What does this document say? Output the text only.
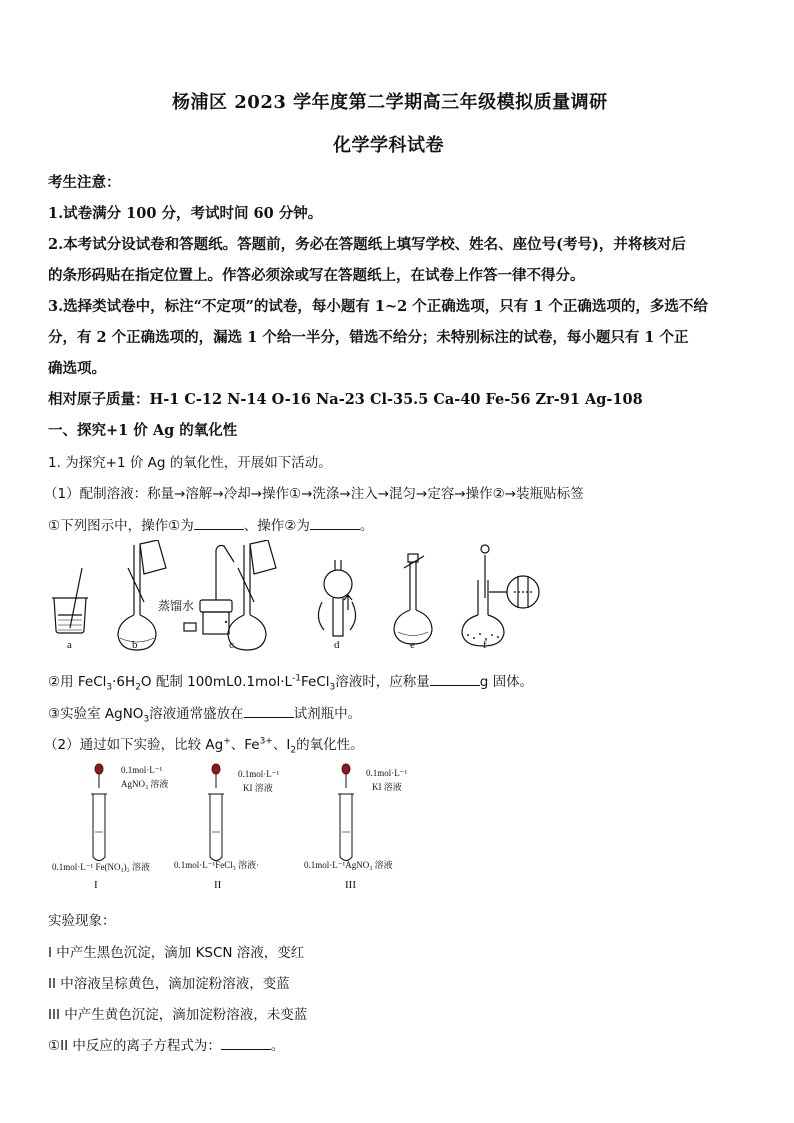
杨浦区 2023 学年度第二学期高三年级模拟质量调研
化学学科试卷
考生注意：
1.试卷满分 100 分，考试时间 60 分钟。
2.本考试分设试卷和答题纸。答题前，务必在答题纸上填写学校、姓名、座位号(考号)，并将核对后
的条形码贴在指定位置上。作答必须涂或写在答题纸上，在试卷上作答一律不得分。
3.选择类试卷中，标注“不定项”的试卷，每小题有 1~2 个正确选项，只有 1 个正确选项的，多选不给
分，有 2 个正确选项的，漏选 1 个给一半分，错选不给分；未特别标注的试卷，每小题只有 1 个正
确选项。
相对原子质量：H-1 C-12 N-14 O-16 Na-23 Cl-35.5 Ca-40 Fe-56 Zr-91 Ag-108
一、探究+1 价 Ag 的氧化性
1. 为探究+1 价 Ag 的氧化性，开展如下活动。
（1）配制溶液：称量→溶解→冷却→操作①→洗涤→注入→混匀→定容→操作②→装瓶贴标签
①下列图示中，操作①为	、操作②为	。
蒸馏水
a	b	c	d	e	f
②用 $FeCl_3\cdot 6H_2O$ 配制 $100mL0.1mol\cdot L^{-1}FeCl_3$溶液时，应称量	g 固体。
③实验室 AgNO$_3$溶液通常盛放在	试剂瓶中。
（2）通过如下实验，比较 Ag+、$Fe^{3+}$、$I_2$的氧化性。
0.1mol·L⁻¹
AgNO₃ 溶液
0.1mol·L⁻¹
KI 溶液
0.1mol·L⁻¹
KI 溶液
0.1mol·L⁻¹ Fe(NO₃)₂ 溶液	0.1mol·L⁻¹FeCl₃ 溶液·	0.1mol·L⁻¹AgNO₃ 溶液
I	II	III
实验现象：
I 中产生黑色沉淀，滴加 KSCN 溶液，变红
II 中溶液呈棕黄色，滴加淀粉溶液，变蓝
III 中产生黄色沉淀，滴加淀粉溶液，未变蓝
①II 中反应的离子方程式为：	。
